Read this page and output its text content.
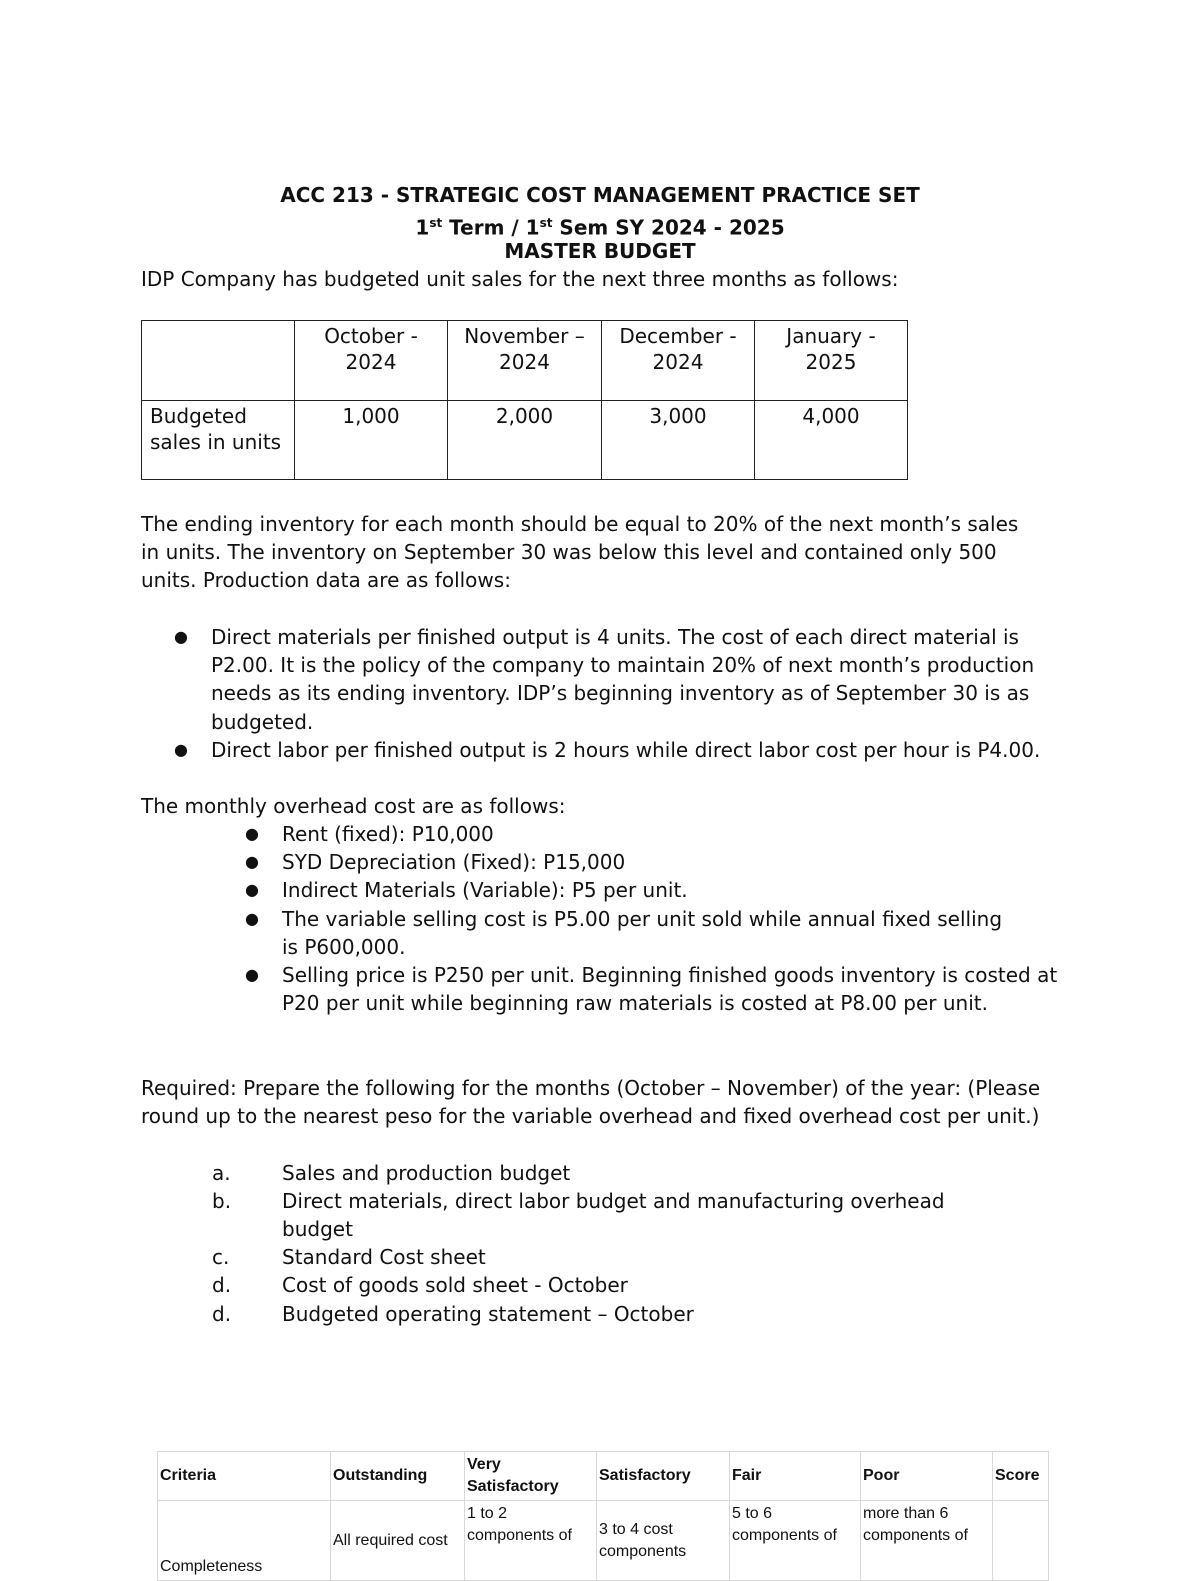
ACC 213 - STRATEGIC COST MANAGEMENT PRACTICE SET
1st Term / 1st Sem SY 2024 - 2025
MASTER BUDGET
IDP Company has budgeted unit sales for the next three months as follows:
	October - 2024	November – 2024	December - 2024	January - 2025
Budgeted sales in units	1,000	2,000	3,000	4,000
The ending inventory for each month should be equal to 20% of the next month’s sales in units. The inventory on September 30 was below this level and contained only 500 units. Production data are as follows:
● Direct materials per finished output is 4 units. The cost of each direct material is P2.00. It is the policy of the company to maintain 20% of next month’s production needs as its ending inventory. IDP’s beginning inventory as of September 30 is as budgeted.
● Direct labor per finished output is 2 hours while direct labor cost per hour is P4.00.
The monthly overhead cost are as follows:
● Rent (fixed): P10,000
● SYD Depreciation (Fixed): P15,000
● Indirect Materials (Variable): P5 per unit.
● The variable selling cost is P5.00 per unit sold while annual fixed selling is P600,000.
● Selling price is P250 per unit. Beginning finished goods inventory is costed at P20 per unit while beginning raw materials is costed at P8.00 per unit.
Required: Prepare the following for the months (October – November) of the year: (Please round up to the nearest peso for the variable overhead and fixed overhead cost per unit.)
a.	Sales and production budget
b.	Direct materials, direct labor budget and manufacturing overhead budget
c.	Standard Cost sheet
d.	Cost of goods sold sheet - October
d.	Budgeted operating statement – October
Criteria	Outstanding	Very Satisfactory	Satisfactory	Fair	Poor	Score
Completeness	All required cost	1 to 2 components of	3 to 4 cost components	5 to 6 components of	more than 6 components of	
